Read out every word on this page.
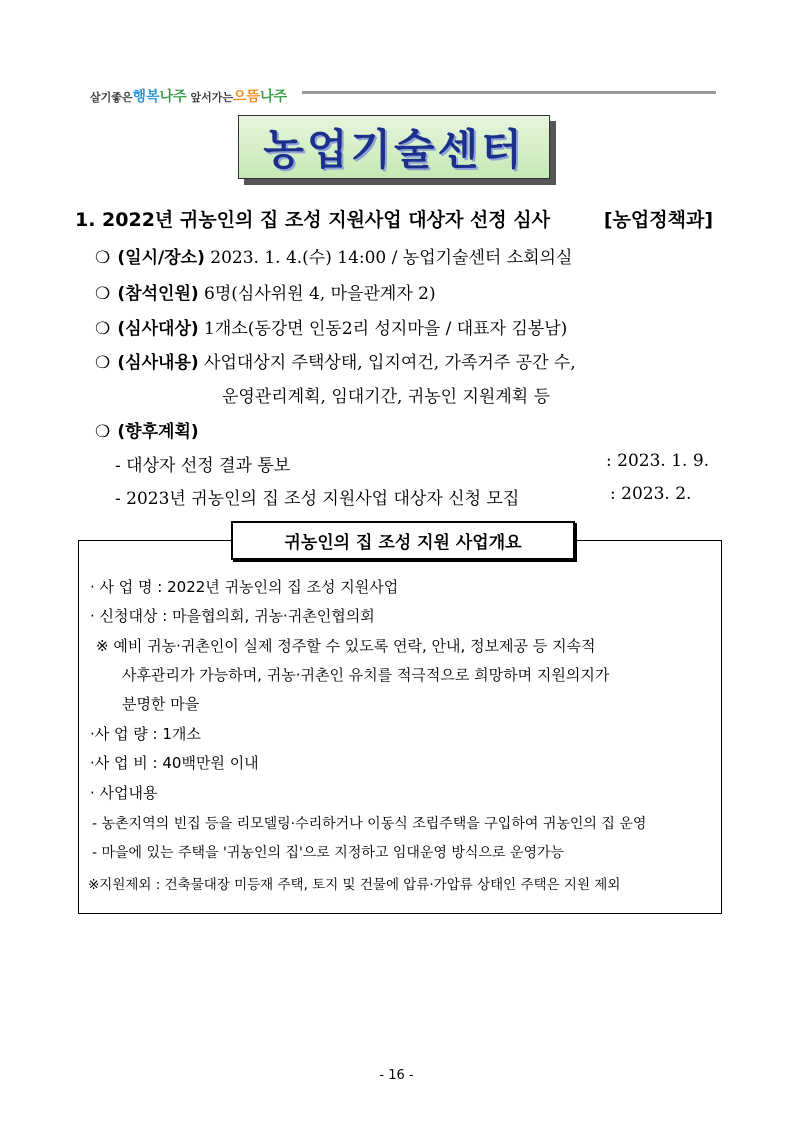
살기좋은행복나주 앞서가는으뜸나주
농업기술센터
1. 2022년 귀농인의 집 조성 지원사업 대상자 선정 심사	[농업정책과]
❍ (일시/장소) 2023. 1. 4.(수) 14:00 / 농업기술센터 소회의실
❍ (참석인원) 6명(심사위원 4, 마을관계자 2)
❍ (심사대상) 1개소(동강면 인동2리 성지마을 / 대표자 김봉남)
❍ (심사내용) 사업대상지 주택상태, 입지여건, 가족거주 공간 수,
운영관리계획, 임대기간, 귀농인 지원계획 등
❍ (향후계획)
- 대상자 선정 결과 통보	: 2023. 1. 9.
- 2023년 귀농인의 집 조성 지원사업 대상자 신청 모집	: 2023. 2.
귀농인의 집 조성 지원 사업개요
· 사 업 명 : 2022년 귀농인의 집 조성 지원사업
· 신청대상 : 마을협의회, 귀농·귀촌인협의회
※ 예비 귀농·귀촌인이 실제 정주할 수 있도록 연락, 안내, 정보제공 등 지속적
사후관리가 가능하며, 귀농·귀촌인 유치를 적극적으로 희망하며 지원의지가
분명한 마을
·사 업 량 : 1개소
·사 업 비 : 40백만원 이내
· 사업내용
- 농촌지역의 빈집 등을 리모델링·수리하거나 이동식 조립주택을 구입하여 귀농인의 집 운영
- 마을에 있는 주택을 '귀농인의 집'으로 지정하고 임대운영 방식으로 운영가능
※지원제외 : 건축물대장 미등재 주택, 토지 및 건물에 압류·가압류 상태인 주택은 지원 제외
- 16 -
